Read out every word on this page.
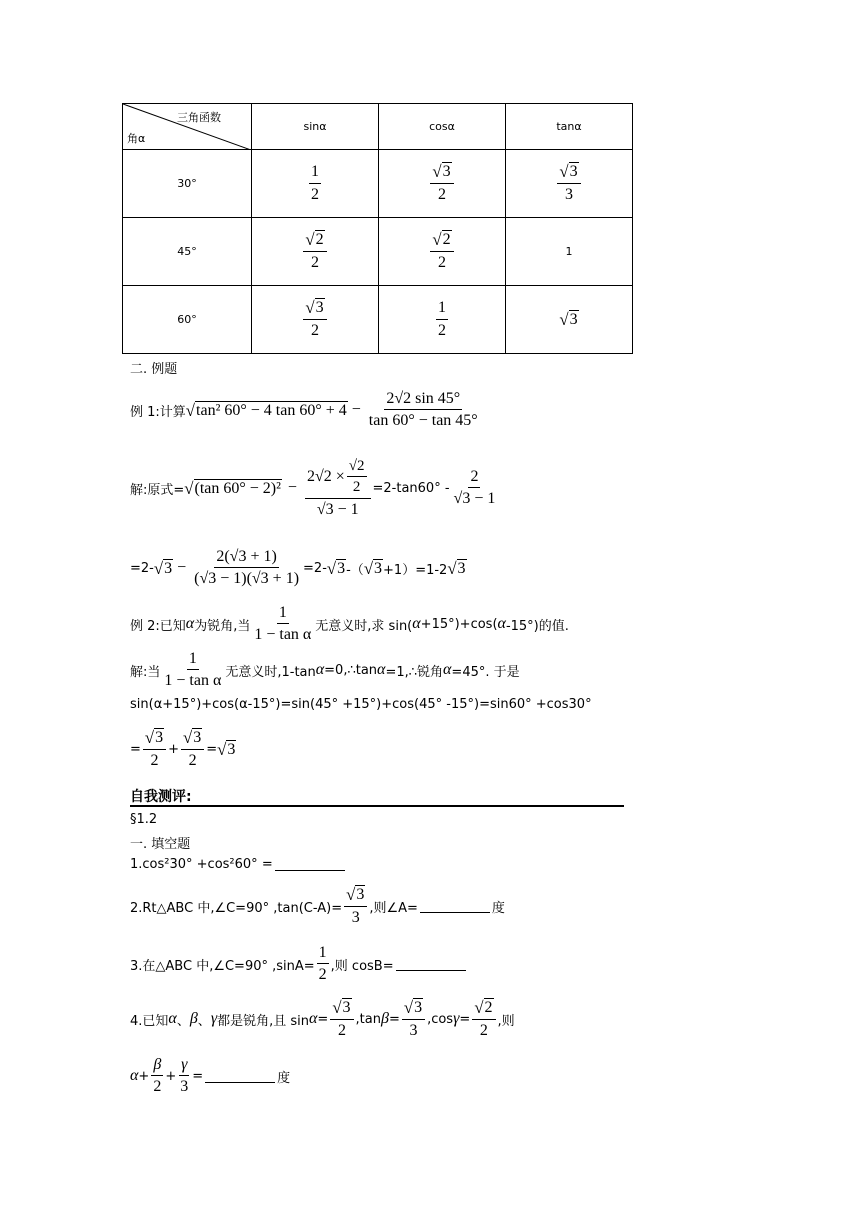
三角函数
角α	sinα	cosα	tanα
30°	$\frac{1}{2}$	$\frac{√ 3}{2}$	$\frac{√ 3}{3}$

45°	$\frac{√ 2}{2}$	$\frac{√ 2}{2}$	1
60°	$\frac{√ 3}{2}$	$\frac{1}{2}$	√ 3
二. 例题
例 1:计算 √ tan² 60° − 4 $\tan 60^\circ + 4 - \frac{2√2 \sin 45^\circ}{\tan 60^\circ - \tan 45^\circ}$
解:原式= √ (tan $60^\circ - 2)^2 - \frac{2√2 \times \frac{√2}{2}}{√3 - 1} =2-\tan 60^\circ - \frac{2}{√3 - 1}$
=2- √ $3 - \frac{2(√3 + 1)}{(√3 - 1)(√3 + 1)} =2-$ √ 3 -（ √ 3 +1）=1-2 √ 3
例 2:已知 α 为锐角,当 $\frac{1}{\text{1 − tan α}}$ 无意义时,求 sin( α +15°)+cos( α -15°)的值.
解:当 $\frac{1}{\text{1 − tan α}}$ 无意义时,1-tan α =0,∴tan α =1,∴锐角 α =45°. 于是
sin(α+15°)+cos(α-15°)=sin(45° +15°)+cos(45° -15°)=sin60° +cos30°
= $\frac{√ 3}{2} + \frac{√ 3}{2}$ = √ 3
自我测评:
§1.2
一. 填空题
1.cos²30° +cos²60° =
2.Rt△ABC 中,∠C=90° $,\tan(C-A)= \frac{√ 3}{3}$ ,则∠A=	度
3.在△ABC 中,∠C=90° $,\sin A= \frac{1}{2}$ ,则 cosB=
4.已知 α 、 β 、 γ 都是锐角,且 $\sin \alpha = \frac{√ 3}{2} ,\tan$ $\beta = \frac{√ 3}{3} ,\cos$ $\gamma = \frac{√ 2}{2}$ ,则
$\alpha + \frac{\beta}{2} + \frac{\gamma}{3}$ =	度
